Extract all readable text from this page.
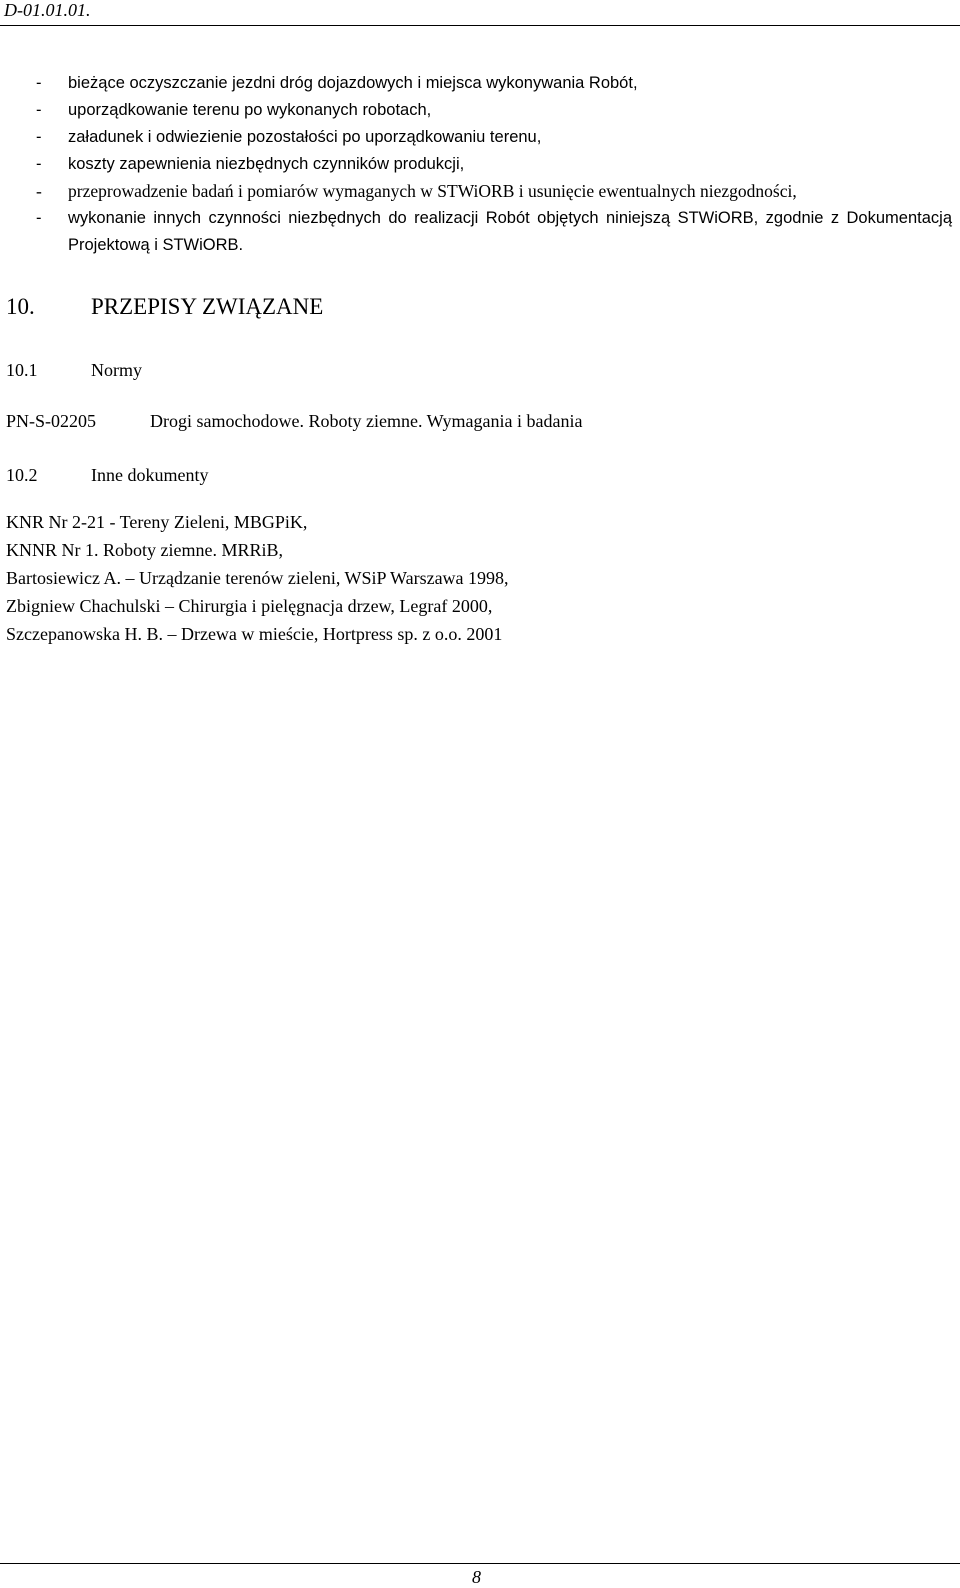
D-01.01.01.
- bieżące oczyszczanie jezdni dróg dojazdowych i miejsca wykonywania Robót,
- uporządkowanie terenu po wykonanych robotach,
- załadunek i odwiezienie pozostałości po uporządkowaniu terenu,
- koszty zapewnienia niezbędnych czynników produkcji,
- przeprowadzenie badań i pomiarów wymaganych w STWiORB i usunięcie ewentualnych niezgodności,
- wykonanie innych czynności niezbędnych do realizacji Robót objętych niniejszą STWiORB, zgodnie z Dokumentacją Projektową i STWiORB.
10. PRZEPISY ZWIĄZANE
10.1	Normy
PN-S-02205	Drogi samochodowe. Roboty ziemne. Wymagania i badania
10.2	Inne dokumenty
KNR Nr 2-21 - Tereny Zieleni, MBGPiK,
KNNR Nr 1. Roboty ziemne. MRRiB,
Bartosiewicz A. – Urządzanie terenów zieleni, WSiP Warszawa 1998,
Zbigniew Chachulski – Chirurgia i pielęgnacja drzew, Legraf 2000,
Szczepanowska H. B. – Drzewa w mieście, Hortpress sp. z o.o. 2001
8
